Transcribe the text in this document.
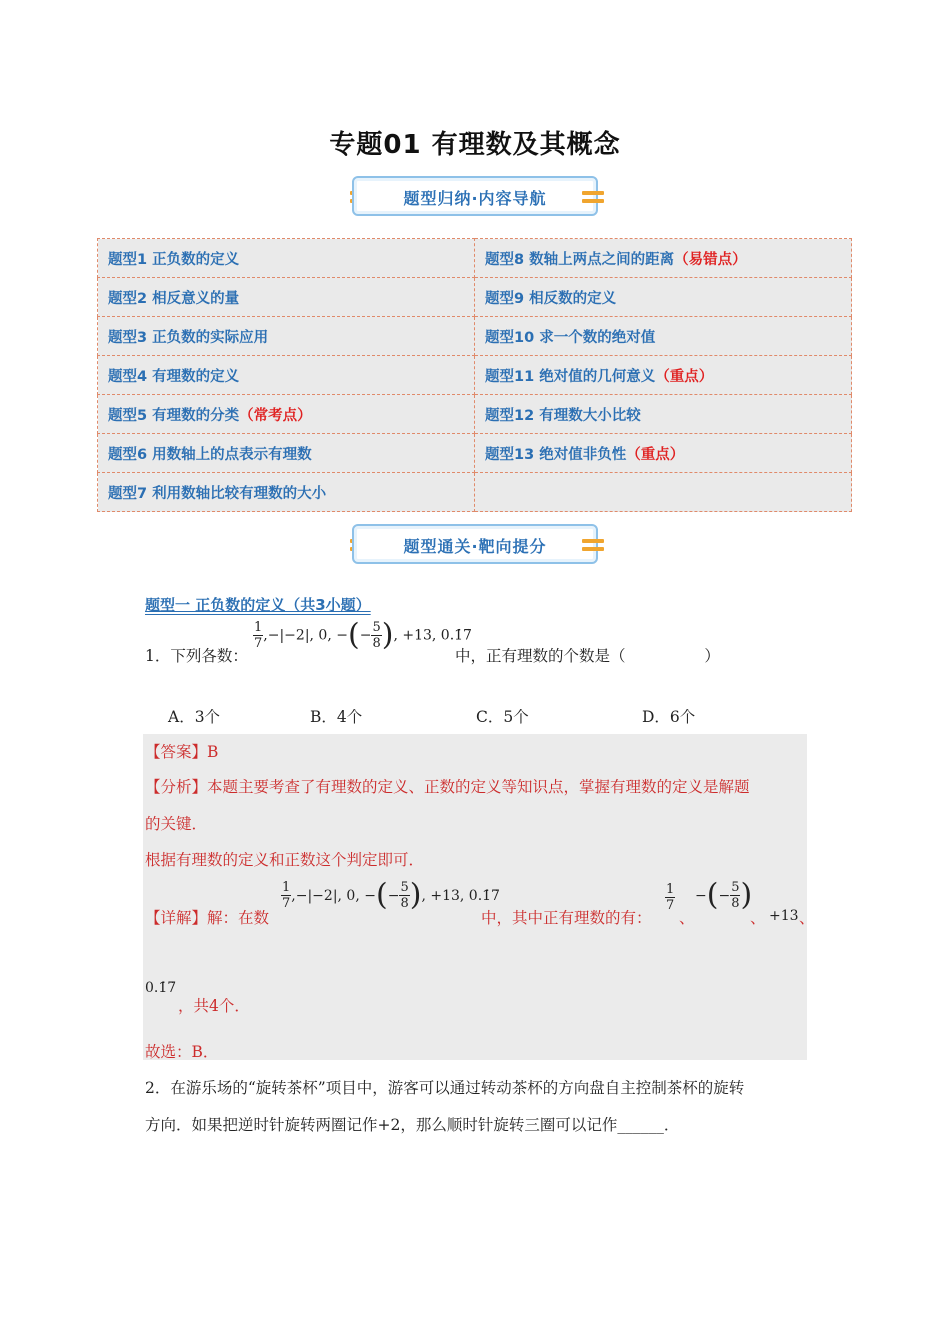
专题01 有理数及其概念
题型归纳·内容导航
题型1 正负数的定义	题型8 数轴上两点之间的距离（易错点）
题型2 相反意义的量	题型9 相反数的定义
题型3 正负数的实际应用	题型10 求一个数的绝对值
题型4 有理数的定义	题型11 绝对值的几何意义（重点）
题型5 有理数的分类（常考点）	题型12 有理数大小比较
题型6 用数轴上的点表示有理数	题型13 绝对值非负性（重点）
题型7 利用数轴比较有理数的大小	
题型通关·靶向提分
题型一 正负数的定义（共3小题）
1．下列各数：
$\frac{1}{7} ,-|-2|$, 0, −(− $\frac{5}{8}$ ), +13, 0.1̇7̇
中，正有理数的个数是（                ）
A．3个	B．4个	C．5个	D．6个
【答案】B
【分析】本题主要考查了有理数的定义、正数的定义等知识点，掌握有理数的定义是解题
的关键．
根据有理数的定义和正数这个判定即可．
【详解】解：在数
$\frac{1}{7} ,-|-2|$, 0, −(− $\frac{5}{8}$ ), +13, 0.1̇7̇
中，其中正有理数的有：
$\frac{1}{7}$
、
−(− $\frac{5}{8}$ )
、 +13 、
0.1̇7̇
，共4个．
故选：B．
2．在游乐场的“旋转茶杯”项目中，游客可以通过转动茶杯的方向盘自主控制茶杯的旋转
方向．如果把逆时针旋转两圈记作+2，那么顺时针旋转三圈可以记作______．
